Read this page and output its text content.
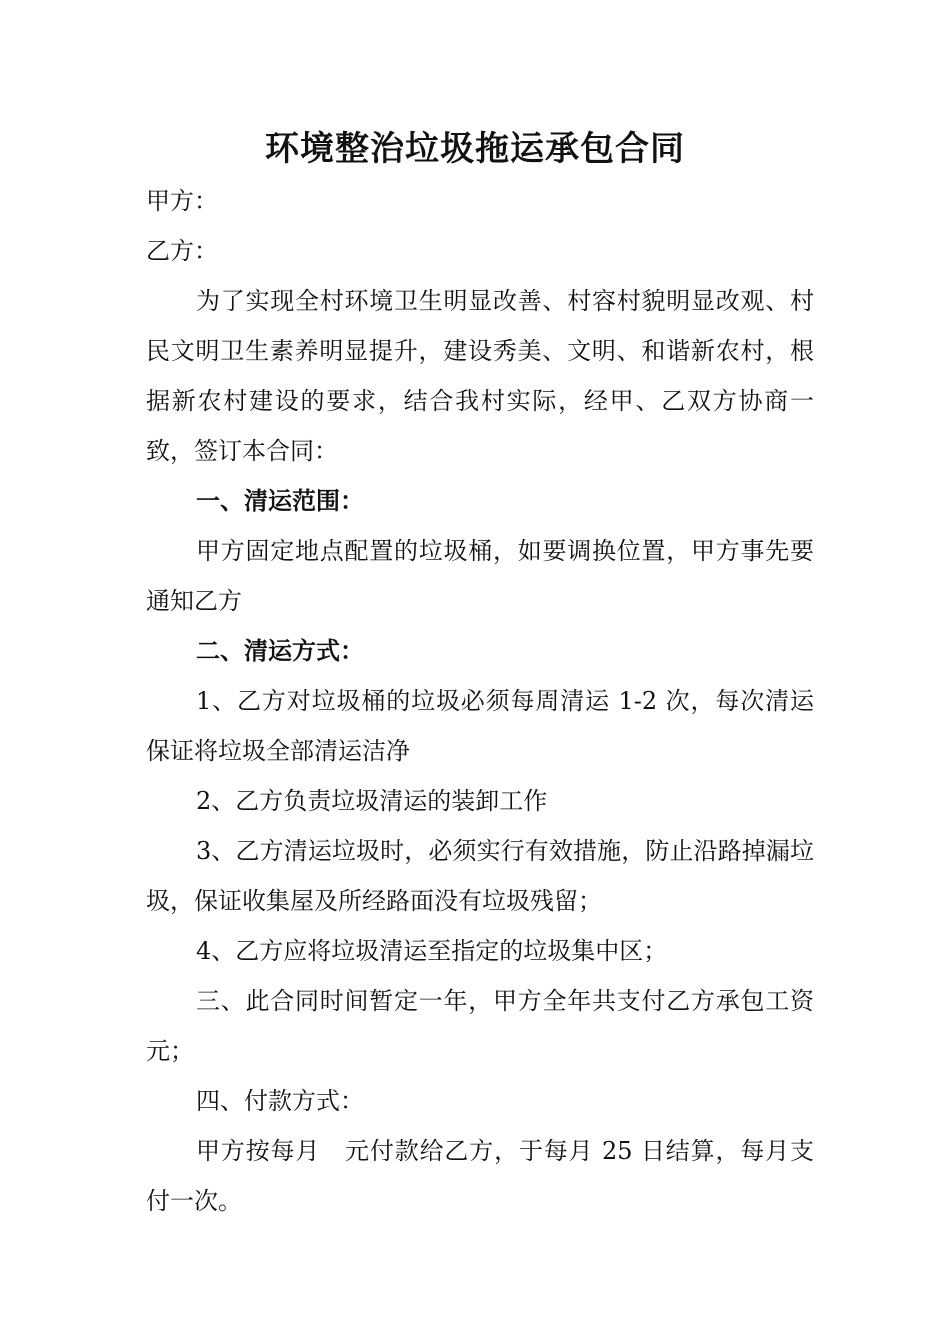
环境整治垃圾拖运承包合同

甲方：

乙方：

为了实现全村环境卫生明显改善、村容村貌明显改观、村民文明卫生素养明显提升，建设秀美、文明、和谐新农村，根据新农村建设的要求，结合我村实际，经甲、乙双方协商一致，签订本合同：

一、清运范围：

甲方固定地点配置的垃圾桶，如要调换位置，甲方事先要通知乙方

二、清运方式：

1、乙方对垃圾桶的垃圾必须每周清运 1-2 次，每次清运保证将垃圾全部清运洁净

2、乙方负责垃圾清运的装卸工作

3、乙方清运垃圾时，必须实行有效措施，防止沿路掉漏垃圾，保证收集屋及所经路面没有垃圾残留；

4、乙方应将垃圾清运至指定的垃圾集中区；

三、此合同时间暂定一年，甲方全年共支付乙方承包工资元；

四、付款方式：

甲方按每月　元付款给乙方，于每月 25 日结算，每月支付一次。
